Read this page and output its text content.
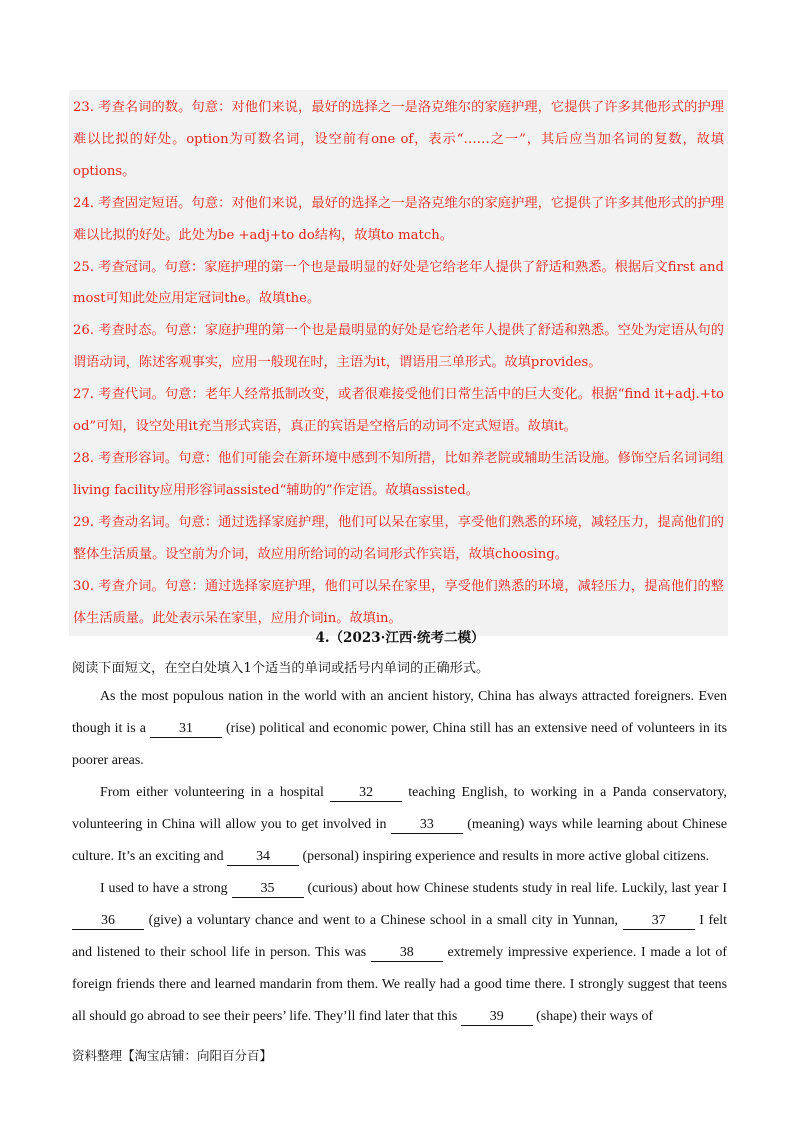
23. 考查名词的数。句意：对他们来说，最好的选择之一是洛克维尔的家庭护理，它提供了许多其他形式的护理难以比拟的好处。option为可数名词，设空前有one of，表示“……之一”，其后应当加名词的复数，故填options。

24. 考查固定短语。句意：对他们来说，最好的选择之一是洛克维尔的家庭护理，它提供了许多其他形式的护理难以比拟的好处。此处为be +adj+to do结构，故填to match。

25. 考查冠词。句意：家庭护理的第一个也是最明显的好处是它给老年人提供了舒适和熟悉。根据后文first and most可知此处应用定冠词the。故填the。

26. 考查时态。句意：家庭护理的第一个也是最明显的好处是它给老年人提供了舒适和熟悉。空处为定语从句的谓语动词，陈述客观事实，应用一般现在时，主语为it，谓语用三单形式。故填provides。

27. 考查代词。句意：老年人经常抵制改变，或者很难接受他们日常生活中的巨大变化。根据“find it+adj.+to od”可知，设空处用it充当形式宾语，真正的宾语是空格后的动词不定式短语。故填it。

28. 考查形容词。句意：他们可能会在新环境中感到不知所措，比如养老院或辅助生活设施。修饰空后名词词组living facility应用形容词assisted“辅助的”作定语。故填assisted。

29. 考查动名词。句意：通过选择家庭护理，他们可以呆在家里，享受他们熟悉的环境，减轻压力，提高他们的整体生活质量。设空前为介词，故应用所给词的动名词形式作宾语，故填choosing。

30. 考查介词。句意：通过选择家庭护理，他们可以呆在家里，享受他们熟悉的环境，减轻压力，提高他们的整体生活质量。此处表示呆在家里，应用介词in。故填in。

4.（2023·江西·统考二模）
阅读下面短文，在空白处填入1个适当的单词或括号内单词的正确形式。

As the most populous nation in the world with an ancient history, China has always attracted foreigners. Even though it is a 31 (rise) political and economic power, China still has an extensive need of volunteers in its poorer areas.

From either volunteering in a hospital 32 teaching English, to working in a Panda conservatory, volunteering in China will allow you to get involved in 33 (meaning) ways while learning about Chinese culture. It’s an exciting and 34 (personal) inspiring experience and results in more active global citizens.

I used to have a strong 35 (curious) about how Chinese students study in real life. Luckily, last year I 36 (give) a voluntary chance and went to a Chinese school in a small city in Yunnan, 37 I felt and listened to their school life in person. This was 38 extremely impressive experience. I made a lot of foreign friends there and learned mandarin from them. We really had a good time there. I strongly suggest that teens all should go abroad to see their peers’ life. They’ll find later that this 39 (shape) their ways of

资料整理【淘宝店铺：向阳百分百】
